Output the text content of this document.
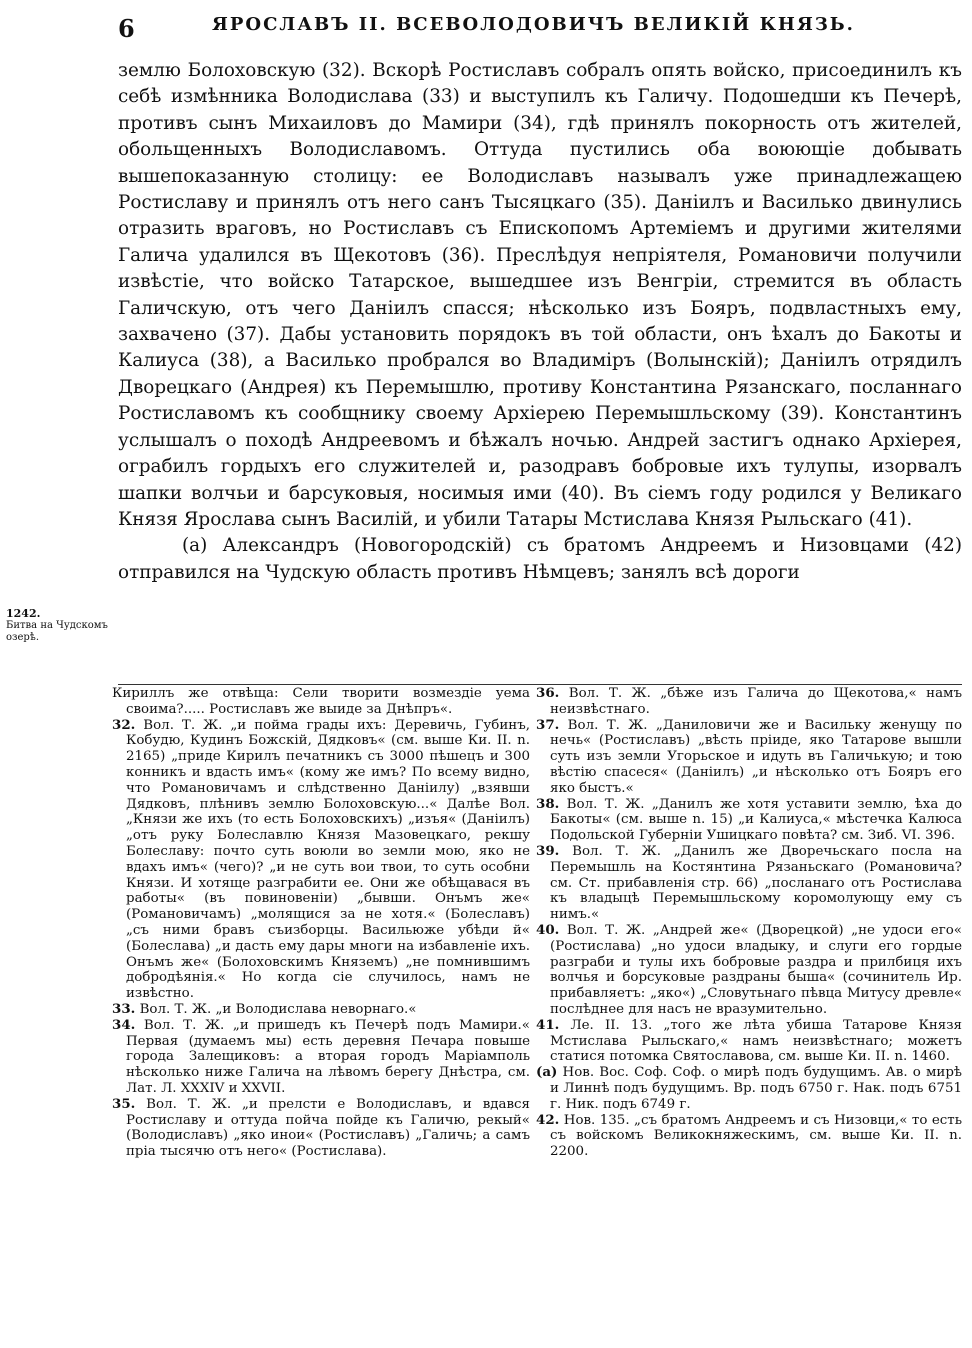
6	ЯРОСЛАВЪ II. ВСЕВОЛОДОВИЧЪ ВЕЛИКІЙ КНЯЗЬ.
1242.
Битва на Чудскомъ озерѣ.
землю Болоховскую (32). Вскорѣ Ростиславъ собралъ опять войско, присоединилъ къ себѣ измѣнника Володислава (33) и выступилъ къ Галичу. Подошедши къ Печерѣ, противъ сынъ Михаиловъ до Мамири (34), гдѣ принялъ покорность отъ жителей, обольщенныхъ Володиславомъ. Оттуда пустились оба воюющіе добывать вышепоказанную столицу: ее Володиславъ называлъ уже принадлежащею Ростиславу и принялъ отъ него санъ Тысяцкаго (35). Даніилъ и Василько двинулись отразить враговъ, но Ростиславъ съ Епископомъ Артеміемъ и другими жителями Галича удалился въ Щекотовъ (36). Преслѣдуя непріятеля, Романовичи получили извѣстіе, что войско Татарское, вышедшее изъ Венгріи, стремится въ область Галичскую, отъ чего Даніилъ спасся; нѣсколько изъ Бояръ, подвластныхъ ему, захвачено (37). Дабы установить порядокъ въ той области, онъ ѣхалъ до Бакоты и Калиуса (38), а Василько пробрался во Владиміръ (Волынскій); Даніилъ отрядилъ Дворецкаго (Андрея) къ Перемышлю, противу Константина Рязанскаго, посланнаго Ростиславомъ къ сообщнику своему Архіерею Перемышльскому (39). Константинъ услышалъ о походѣ Андреевомъ и бѣжалъ ночью. Андрей застигъ однако Архіерея, ограбилъ гордыхъ его служителей и, разодравъ бобровые ихъ тулупы, изорвалъ шапки волчьи и барсуковыя, носимыя ими (40). Въ сіемъ году родился у Великаго Князя Ярослава сынъ Василій, и убили Татары Мстислава Князя Рыльскаго (41).
(а) Александръ (Новогородскій) съ братомъ Андреемъ и Низовцами (42) отправился на Чудскую область противъ Нѣмцевъ; занялъ всѣ дороги

Кириллъ же отвѣща: Сели творити возмездіе уема своима?..... Ростиславъ же выиде за Днѣпръ«.

32. Вол. Т. Ж. „и пойма грады ихъ: Деревичь, Губинъ, Кобудю, Кудинъ Божскій, Дядковъ« (см. выше Ки. II. n. 2165) „приде Кирилъ печатникъ съ 3000 пѣшецъ и 300 конникъ и вдасть имъ« (кому же имъ? По всему видно, что Романовичамъ и слѣдственно Даніилу) „взявши Дядковъ, плѣнивъ землю Болоховскую...« Далѣе Вол. „Князи же ихъ (то есть Болоховскихъ) „изъя« (Даніилъ) „отъ руку Болеславлю Князя Мазовецкаго, рекшу Болеславу: почто суть воюли во земли мою, яко не вдахъ имъ« (чего)? „и не суть вои твои, то суть особни Князи. И хотяще разграбити ее. Они же обѣщавася въ работы« (въ повиновеніи) „бывши. Онъмъ же« (Романовичамъ) „молящися за не хотя.« (Болеславъ) „съ ними бравъ съизборцы. Васильюже убѣди й« (Болеслава) „и дасть ему дары многи на избавленіе ихъ. Онъмъ же« (Болоховскимъ Княземъ) „не помнившимъ добродѣянія.« Но когда сіе случилось, намъ не извѣстно.

33. Вол. Т. Ж. „и Володислава неворнаго.«

34. Вол. Т. Ж. „и пришедъ къ Печерѣ подъ Мамири.« Первая (думаемъ мы) есть деревня Печара повыше города Залещиковъ: а вторая городъ Маріамполь нѣсколько ниже Галича на лѣвомъ берегу Днѣстра, см. Лат. Л. XXXIV и XXVII.

35. Вол. Т. Ж. „и прелсти е Володиславъ, и вдався Ростиславу и оттуда пойча пойде къ Галичю, рекый« (Володиславъ) „яко инои« (Ростиславъ) „Галичь; а самъ пріа тысячю отъ него« (Ростислава).

36. Вол. Т. Ж. „бѣже изъ Галича до Щекотова,« намъ неизвѣстнаго.

37. Вол. Т. Ж. „Даниловичи же и Васильку женущу по нечь« (Ростиславъ) „вѣсть пріиде, яко Татарове вышли суть изъ земли Угорьское и идуть въ Галичькую; и тою вѣстію спасеся« (Даніилъ) „и нѣсколько отъ Бояръ его яко быстъ.«

38. Вол. Т. Ж. „Данилъ же хотя уставити землю, ѣха до Бакоты« (см. выше n. 15) „и Калиуса,« мѣстечка Калюса Подольской Губерніи Ушицкаго повѣта? см. Зиб. VI. 396.

39. Вол. Т. Ж. „Данилъ же Дворечьскаго посла на Перемышль на Костянтина Рязаньскаго (Романовича? см. Ст. прибавленія стр. 66) „посланаго отъ Ростислава къ владыцѣ Перемышльскому коромолующу ему съ нимъ.«

40. Вол. Т. Ж. „Андрей же« (Дворецкой) „не удоси его« (Ростислава) „но удоси владыку, и слуги его гордые разграби и тулы ихъ бобровые раздра и прилбиця ихъ волчья и борсуковые раздраны быша« (сочинитель Ир. прибавляетъ: „яко«) „Словутьнаго пѣвца Митусу древле« послѣднее для насъ не вразумительно.

41. Ле. II. 13. „того же лѣта убиша Татарове Князя Мстислава Рыльскаго,« намъ неизвѣстнаго; можетъ статися потомка Святославова, см. выше Ки. II. n. 1460.

(а) Нов. Вос. Соф. Соф. о мирѣ подъ будущимъ. Ав. о мирѣ и Линнѣ подъ будущимъ. Вр. подъ 6750 г. Нак. подъ 6751 г. Ник. подъ 6749 г.

42. Нов. 135. „съ братомъ Андреемъ и съ Низовци,« то есть съ войскомъ Великокняжескимъ, см. выше Ки. II. n. 2200.
